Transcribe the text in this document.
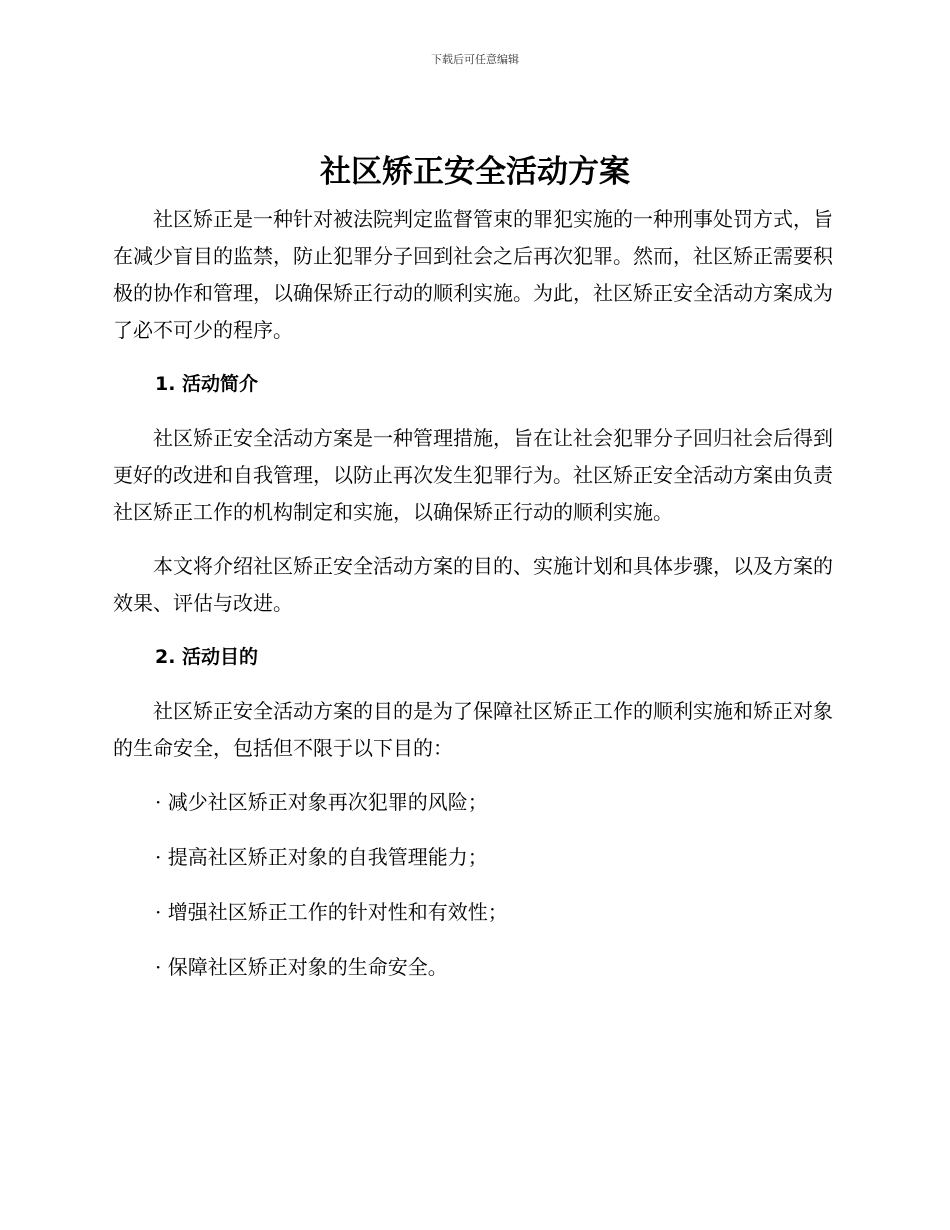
下载后可任意编辑
社区矫正安全活动方案

社区矫正是一种针对被法院判定监督管束的罪犯实施的一种刑事处罚方式，旨在减少盲目的监禁，防止犯罪分子回到社会之后再次犯罪。然而，社区矫正需要积极的协作和管理，以确保矫正行动的顺利实施。为此，社区矫正安全活动方案成为了必不可少的程序。

1. 活动简介

社区矫正安全活动方案是一种管理措施，旨在让社会犯罪分子回归社会后得到更好的改进和自我管理，以防止再次发生犯罪行为。社区矫正安全活动方案由负责社区矫正工作的机构制定和实施，以确保矫正行动的顺利实施。

本文将介绍社区矫正安全活动方案的目的、实施计划和具体步骤，以及方案的效果、评估与改进。

2. 活动目的

社区矫正安全活动方案的目的是为了保障社区矫正工作的顺利实施和矫正对象的生命安全，包括但不限于以下目的：

· 减少社区矫正对象再次犯罪的风险；
· 提高社区矫正对象的自我管理能力；
· 增强社区矫正工作的针对性和有效性；
· 保障社区矫正对象的生命安全。
